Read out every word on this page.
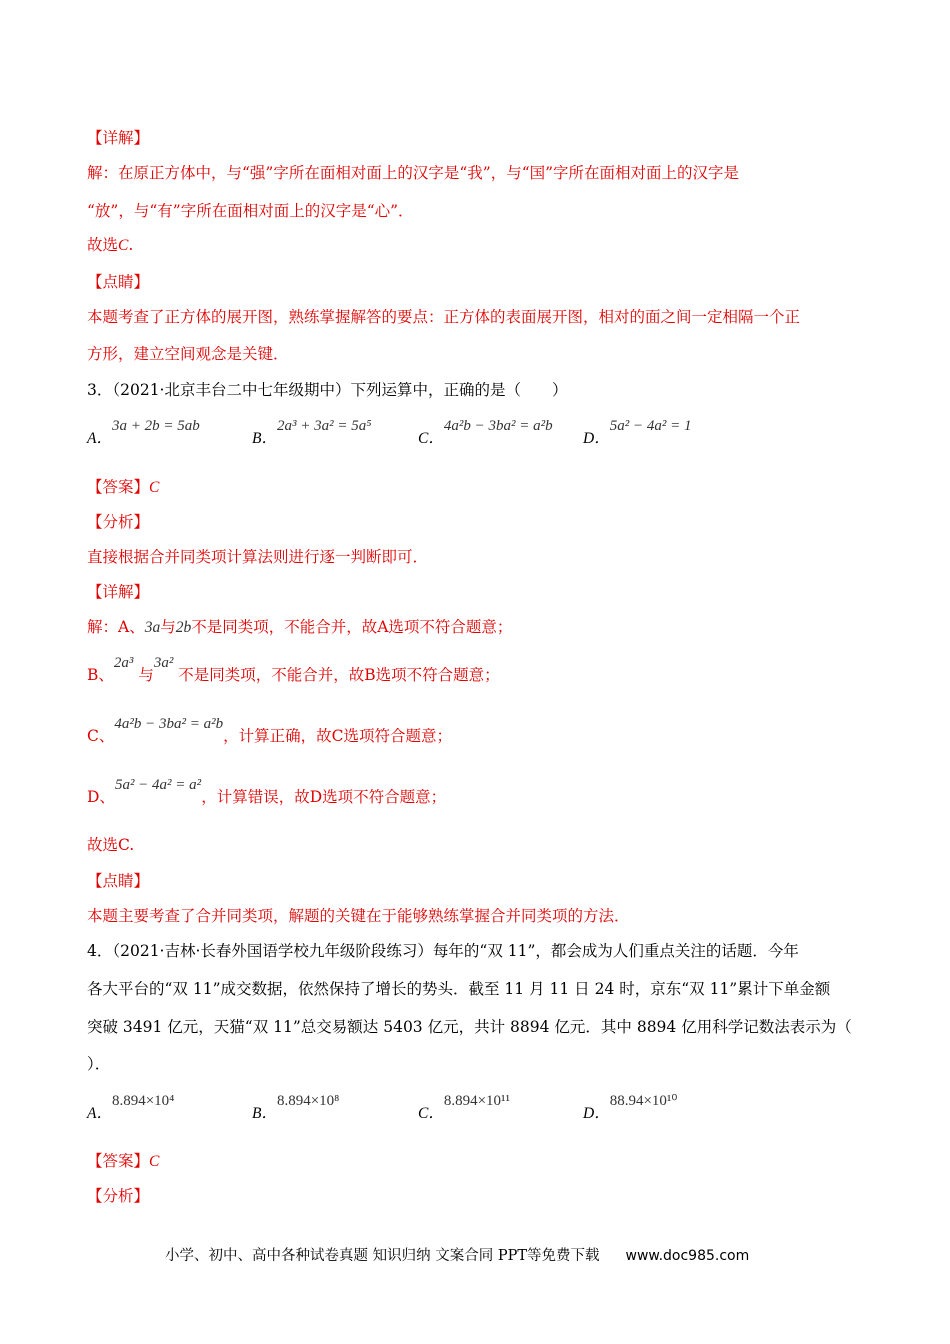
【详解】
解：在原正方体中，与“强”字所在面相对面上的汉字是“我”，与“国”字所在面相对面上的汉字是
“放”，与“有”字所在面相对面上的汉字是“心”．
故选C.
【点睛】
本题考查了正方体的展开图，熟练掌握解答的要点：正方体的表面展开图，相对的面之间一定相隔一个正
方形，建立空间观念是关键．
3．（2021·北京丰台二中七年级期中）下列运算中，正确的是（　　）
A．3a + 2b = 5ab
B．2a³ + 3a² = 5a⁵
C．4a²b − 3ba² = a²b
D．5a² − 4a² = 1
【答案】C
【分析】
直接根据合并同类项计算法则进行逐一判断即可．
【详解】
解：A、3a与2b不是同类项，不能合并，故A选项不符合题意；
B、2a³ 与3a² 不是同类项，不能合并，故B选项不符合题意；
C、4a²b − 3ba² = a²b，计算正确，故C选项符合题意；
D、5a² − 4a² = a²，计算错误，故D选项不符合题意；
故选C.
【点睛】
本题主要考查了合并同类项，解题的关键在于能够熟练掌握合并同类项的方法．
4．（2021·吉林·长春外国语学校九年级阶段练习）每年的“双 11”，都会成为人们重点关注的话题．今年
各大平台的“双 11”成交数据，依然保持了增长的势头．截至 11 月 11 日 24 时，京东“双 11”累计下单金额
突破 3491 亿元，天猫“双 11”总交易额达 5403 亿元，共计 8894 亿元．其中 8894 亿用科学记数法表示为（
）．
A．8.894×10⁴
B．8.894×10⁸
C．8.894×10¹¹
D．88.94×10¹⁰
【答案】C
【分析】
小学、初中、高中各种试卷真题 知识归纳 文案合同 PPT等免费下载 www.doc985.com
